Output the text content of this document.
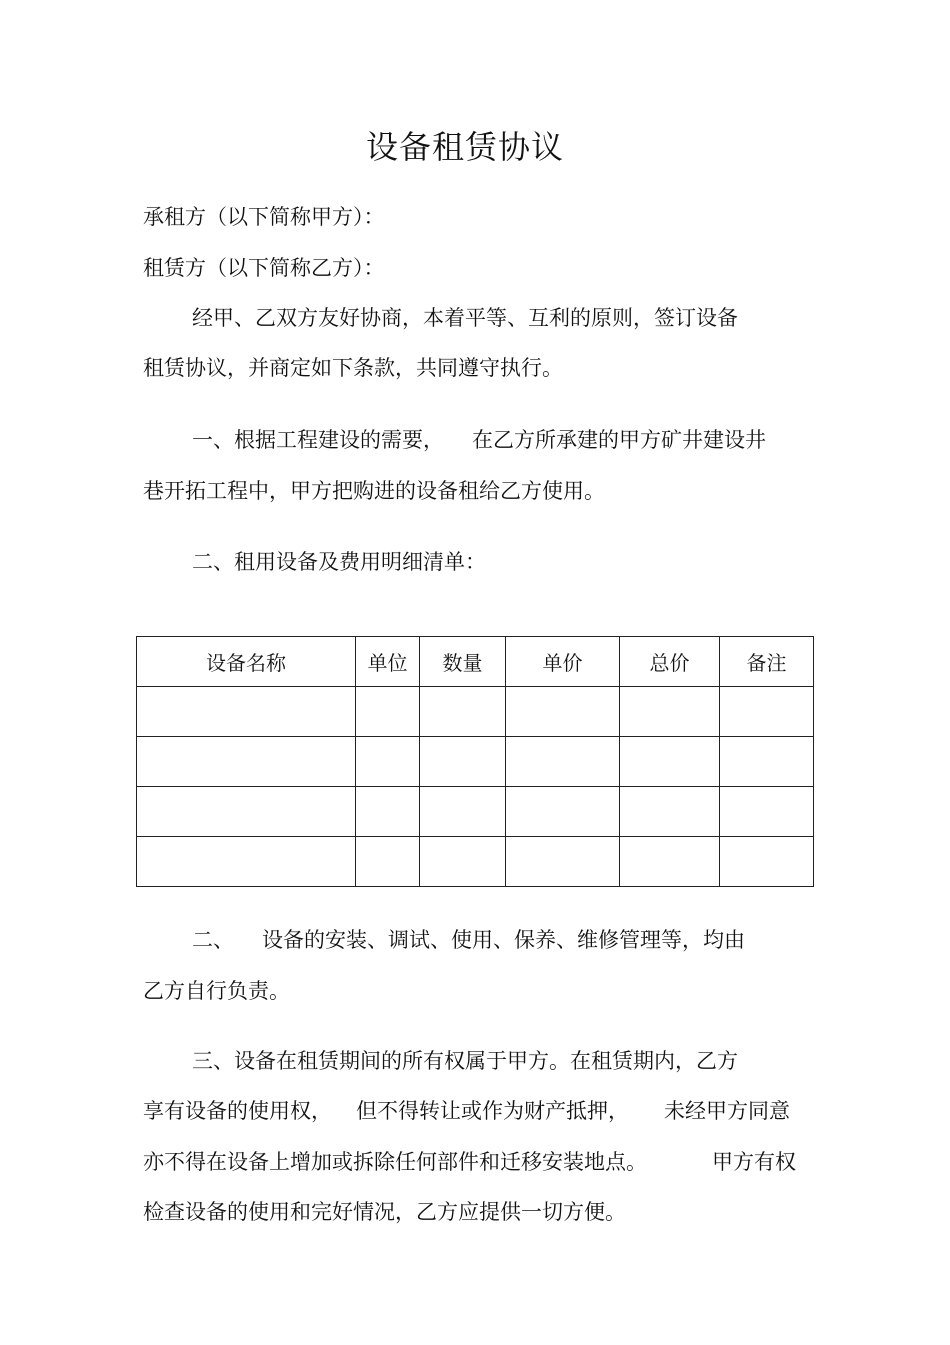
设备租赁协议
承租方（以下简称甲方）：
租赁方（以下简称乙方）：
经甲、乙双方友好协商，本着平等、互利的原则，签订设备
租赁协议，并商定如下条款，共同遵守执行。
一、根据工程建设的需要， 在乙方所承建的甲方矿井建设井
巷开拓工程中，甲方把购进的设备租给乙方使用。
二、租用设备及费用明细清单：
设备名称	单位	数量	单价	总价	备注

二、 设备的安装、调试、使用、保养、维修管理等，均由
乙方自行负责。
三、设备在租赁期间的所有权属于甲方。在租赁期内，乙方
享有设备的使用权， 但不得转让或作为财产抵押， 未经甲方同意
亦不得在设备上增加或拆除任何部件和迁移安装地点。	甲方有权
检查设备的使用和完好情况，乙方应提供一切方便。
